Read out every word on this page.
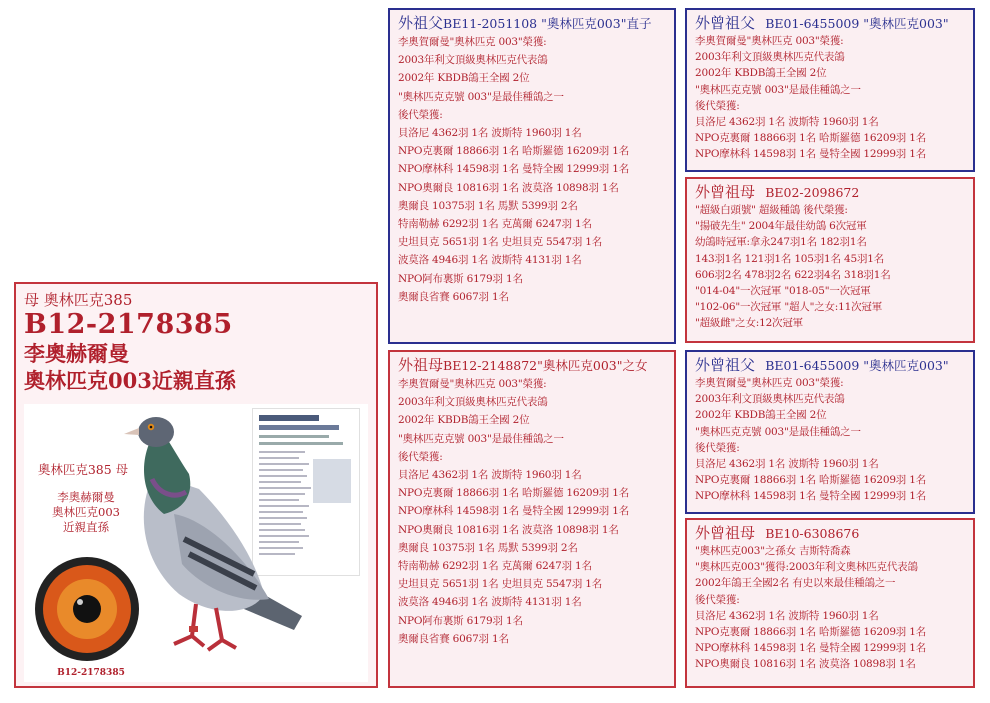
母 奧林匹克385
B12-2178385
李奧赫爾曼
奧林匹克003近親直孫
奧林匹克385 母
李奧赫爾曼
奧林匹克003
近親直孫
B12-2178385
外祖父BE11-2051108 "奧林匹克003"直子
李奧賀爾曼"奧林匹克 003"榮獲:
2003年利文頂級奧林匹克代表鴿
2002年 KBDB鴿王全國 2位
"奧林匹克克號 003"是最佳種鴿之一
後代榮獲:
貝洛尼 4362羽 1名 波斯特 1960羽 1名
NPO克裏爾 18866羽 1名 哈斯羅德 16209羽 1名
NPO摩林科 14598羽 1名 曼特全國 12999羽 1名
NPO奧爾良 10816羽 1名 波莫洛 10898羽 1名
奧爾良 10375羽 1名 馬默 5399羽 2名
特南勒赫 6292羽 1名 克萬爾 6247羽 1名
史坦貝克 5651羽 1名 史坦貝克 5547羽 1名
波莫洛 4946羽 1名 波斯特 4131羽 1名
NPO阿布裏斯 6179羽 1名
奧爾良省賽 6067羽 1名
外祖母BE12-2148872"奧林匹克003"之女
李奧賀爾曼"奧林匹克 003"榮獲:
2003年利文頂級奧林匹克代表鴿
2002年 KBDB鴿王全國 2位
"奧林匹克克號 003"是最佳種鴿之一
後代榮獲:
貝洛尼 4362羽 1名 波斯特 1960羽 1名
NPO克裏爾 18866羽 1名 哈斯羅德 16209羽 1名
NPO摩林科 14598羽 1名 曼特全國 12999羽 1名
NPO奧爾良 10816羽 1名 波莫洛 10898羽 1名
奧爾良 10375羽 1名 馬默 5399羽 2名
特南勒赫 6292羽 1名 克萬爾 6247羽 1名
史坦貝克 5651羽 1名 史坦貝克 5547羽 1名
波莫洛 4946羽 1名 波斯特 4131羽 1名
NPO阿布裏斯 6179羽 1名
奧爾良省賽 6067羽 1名
外曾祖父 BE01-6455009 "奧林匹克003"
李奧賀爾曼"奧林匹克 003"榮獲:
2003年利文頂級奧林匹克代表鴿
2002年 KBDB鴿王全國 2位
"奧林匹克克號 003"是最佳種鴿之一
後代榮獲:
貝洛尼 4362羽 1名 波斯特 1960羽 1名
NPO克裏爾 18866羽 1名 哈斯羅德 16209羽 1名
NPO摩林科 14598羽 1名 曼特全國 12999羽 1名
外曾祖母 BE02-2098672
"超級白頭號" 超級種鴿 後代榮獲:
"揚破先生" 2004年最佳幼鴿 6次冠軍
幼鴿時冠軍:拿永247羽1名 182羽1名
143羽1名 121羽1名 105羽1名 45羽1名
606羽2名 478羽2名 622羽4名 318羽1名
"014-04"一次冠軍 "018-05"一次冠軍
"102-06"一次冠軍 "超人"之女:11次冠軍
"超級雌"之女:12次冠軍
外曾祖父 BE01-6455009 "奧林匹克003"
李奧賀爾曼"奧林匹克 003"榮獲:
2003年利文頂級奧林匹克代表鴿
2002年 KBDB鴿王全國 2位
"奧林匹克克號 003"是最佳種鴿之一
後代榮獲:
貝洛尼 4362羽 1名 波斯特 1960羽 1名
NPO克裏爾 18866羽 1名 哈斯羅德 16209羽 1名
NPO摩林科 14598羽 1名 曼特全國 12999羽 1名
外曾祖母 BE10-6308676
"奧林匹克003"之孫女 吉斯特喬森
"奧林匹克003"獲得:2003年利文奧林匹克代表鴿
2002年鴿王全國2名 有史以來最佳種鴿之一
後代榮獲:
貝洛尼 4362羽 1名 波斯特 1960羽 1名
NPO克裏爾 18866羽 1名 哈斯羅德 16209羽 1名
NPO摩林科 14598羽 1名 曼特全國 12999羽 1名
NPO奧爾良 10816羽 1名 波莫洛 10898羽 1名
